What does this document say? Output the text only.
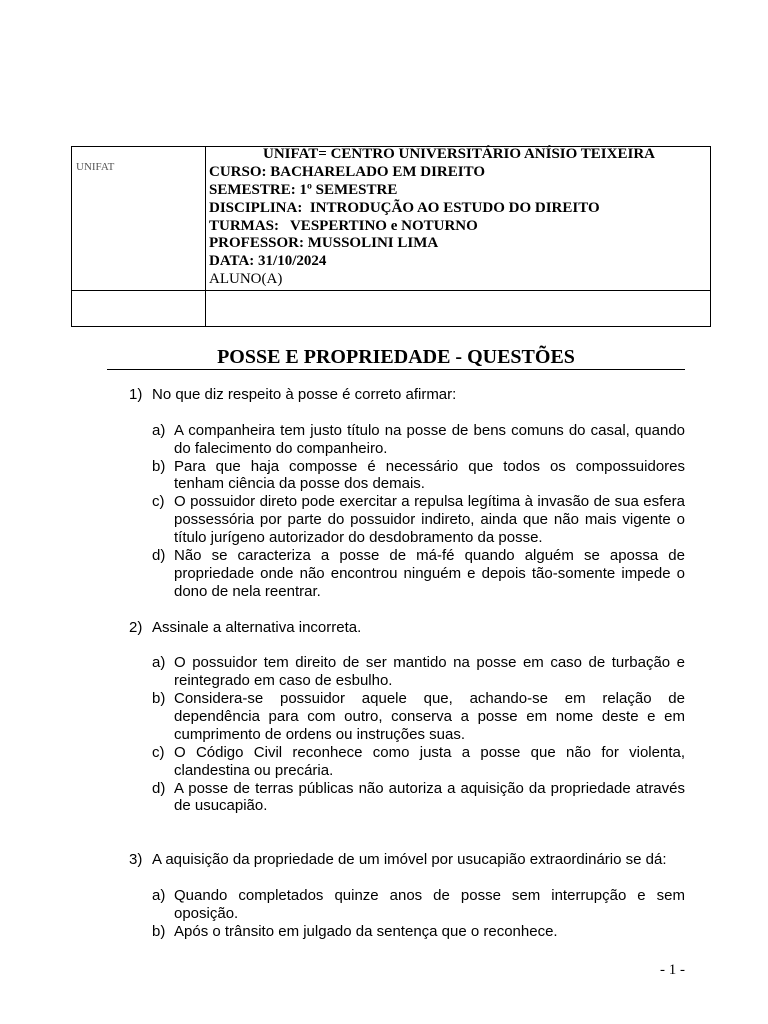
UNIFAT
UNIFAT= CENTRO UNIVERSITÁRIO ANÍSIO TEIXEIRA
CURSO: BACHARELADO EM DIREITO
SEMESTRE: 1º SEMESTRE
DISCIPLINA:  INTRODUÇÃO AO ESTUDO DO DIREITO
TURMAS:   VESPERTINO e NOTURNO
PROFESSOR: MUSSOLINI LIMA
DATA: 31/10/2024
ALUNO(A)
POSSE E PROPRIEDADE - QUESTÕES
1) No que diz respeito à posse é correto afirmar:
a) A companheira tem justo título na posse de bens comuns do casal, quando
do falecimento do companheiro.
b) Para que haja composse é necessário que todos os compossuidores
tenham ciência da posse dos demais.
c) O possuidor direto pode exercitar a repulsa legítima à invasão de sua esfera
possessória por parte do possuidor indireto, ainda que não mais vigente o
título jurígeno autorizador do desdobramento da posse.
d) Não se caracteriza a posse de má-fé quando alguém se apossa de
propriedade onde não encontrou ninguém e depois tão-somente impede o
dono de nela reentrar.
2) Assinale a alternativa incorreta.
a) O possuidor tem direito de ser mantido na posse em caso de turbação e
reintegrado em caso de esbulho.
b) Considera-se possuidor aquele que, achando-se em relação de
dependência para com outro, conserva a posse em nome deste e em
cumprimento de ordens ou instruções suas.
c) O Código Civil reconhece como justa a posse que não for violenta,
clandestina ou precária.
d) A posse de terras públicas não autoriza a aquisição da propriedade através
de usucapião.
3) A aquisição da propriedade de um imóvel por usucapião extraordinário se dá:
a) Quando completados quinze anos de posse sem interrupção e sem
oposição.
b) Após o trânsito em julgado da sentença que o reconhece.
- 1 -
